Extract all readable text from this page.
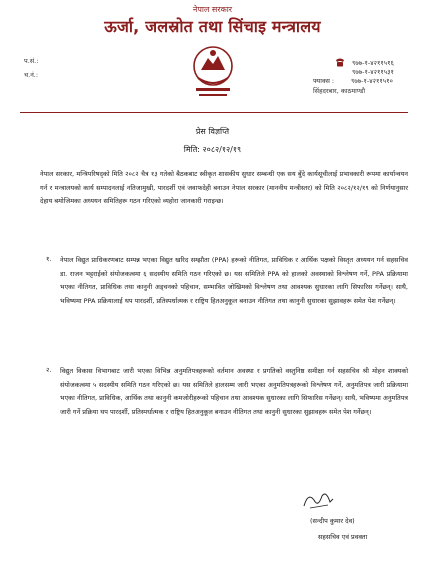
नेपाल सरकार
ऊर्जा, जलस्रोत तथा सिंचाइ मन्त्रालय
प.सं.:
च.नं.:
९७७-१-४२११५१६
९७७-१-४२११५३१
फ्याक्स :	९७७-१-४२११५१०
सिंहदरबार, काठमाण्डौ
प्रेस विज्ञप्ति
मिति: २०८२/१२/१९
नेपाल सरकार, मन्त्रिपरिषद्को मिति २०८२ चैत्र १३ गतेको बैठकबाट स्वीकृत शासकीय सुधार सम्बन्धी एक सय बुँदे कार्यसूचीलाई प्रभावकारी रूपमा कार्यान्वयन गर्न र मन्त्रालयको कार्य सम्पादनलाई नतिजामुखी, पारदर्शी एवं जवाफदेही बनाउन नेपाल सरकार (माननीय मन्त्रीस्तर) को मिति २०८२/१२/१९ को निर्णयानुसार देहाय बमोजिमका अध्ययन समितिहरू गठन गरिएको व्यहोरा जानकारी गराइन्छ।
१. नेपाल विद्युत प्राधिकरणबाट सम्पन्न भएका विद्युत खरिद सम्झौता (PPA) हरूको नीतिगत, प्राविधिक र आर्थिक पक्षको विस्तृत अध्ययन गर्न सहसचिव डा. राजन भट्टराईको संयोजकत्वमा ६ सदस्यीय समिति गठन गरिएको छ। यस समितिले PPA को हालको अवस्थाको विश्लेषण गर्ने, PPA प्रक्रियामा भएका नीतिगत, प्राविधिक तथा कानुनी अड्चनको पहिचान, सम्भावित जोखिमको विश्लेषण तथा आवश्यक सुधारका लागि सिफारिस गर्नेछन्। साथै, भविष्यमा PPA प्रक्रियालाई थप पारदर्शी, प्रतिस्पर्धात्मक र राष्ट्रिय हितअनुकूल बनाउन नीतिगत तथा कानुनी सुधारका सुझावहरू समेत पेश गर्नेछन्।
२. विद्युत विकास विभागबाट जारी भएका विभिन्न अनुमतिपत्रहरूको वर्तमान अवस्था र प्रगतिको वस्तुनिष्ठ समीक्षा गर्न सहसचिव श्री मोहन शाक्यको संयोजकत्वमा ५ सदस्यीय समिति गठन गरिएको छ। यस समितिले हालसम्म जारी भएका अनुमतिपत्रहरूको विश्लेषण गर्ने, अनुमतिपत्र जारी प्रक्रियामा भएका नीतिगत, प्राविधिक, आर्थिक तथा कानुनी कमजोरीहरूको पहिचान तथा आवश्यक सुधारका लागि सिफारिस गर्नेछन्। साथै, भविष्यमा अनुमतिपत्र जारी गर्ने प्रक्रिया थप पारदर्शी, प्रतिस्पर्धात्मक र राष्ट्रिय हितअनुकूल बनाउन नीतिगत तथा कानुनी सुधारका सुझावहरू समेत पेश गर्नेछन्।
(सन्दीप कुमार देव)
सहसचिव एवं प्रवक्ता
